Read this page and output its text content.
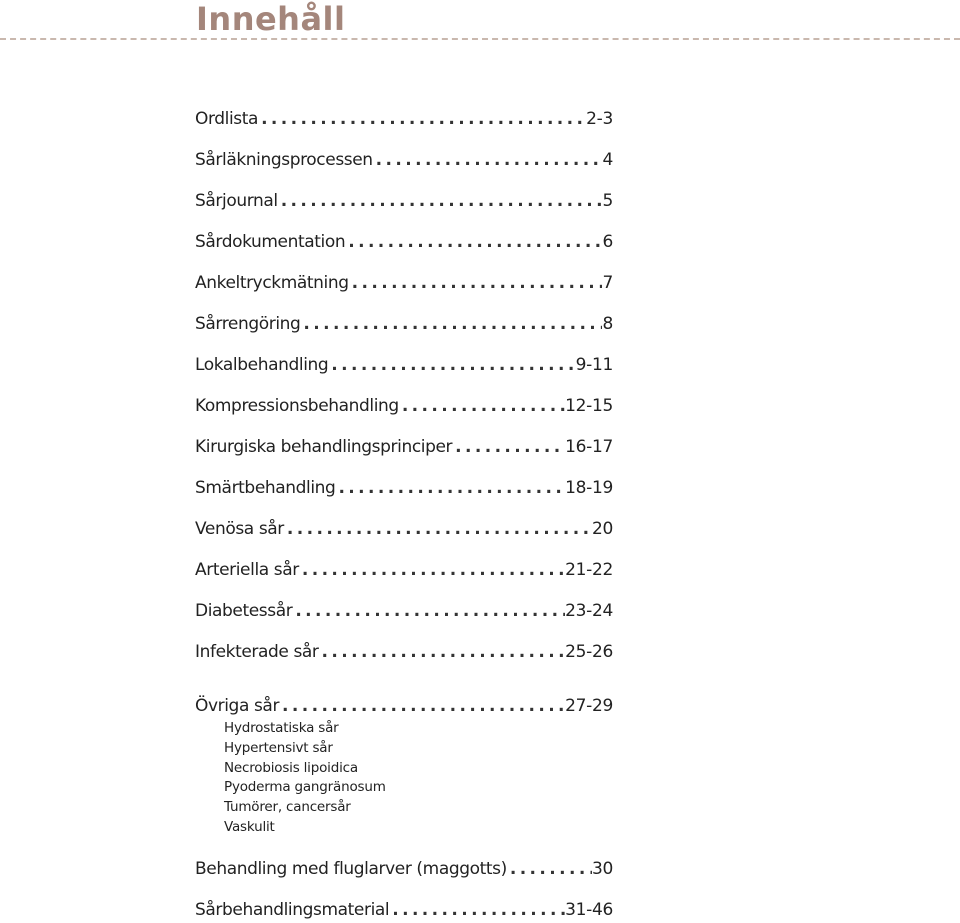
Innehåll
Ordlista .....	2-3
Sårläkningsprocessen .....	4
Sårjournal .....	5
Sårdokumentation .....	6
Ankeltryckmätning .....	7
Sårrengöring .....	8
Lokalbehandling .....	9-11
Kompressionsbehandling .....	12-15
Kirurgiska behandlingsprinciper .....	16-17
Smärtbehandling .....	18-19
Venösa sår .....	20
Arteriella sår .....	21-22
Diabetessår .....	23-24
Infekterade sår .....	25-26
Övriga sår .....	27-29
Behandling med fluglarver (maggotts) .....	30
Sårbehandlingsmaterial .....	31-46
Hydrostatiska sår
Hypertensivt sår
Necrobiosis lipoidica
Pyoderma gangränosum
Tumörer, cancersår
Vaskulit
